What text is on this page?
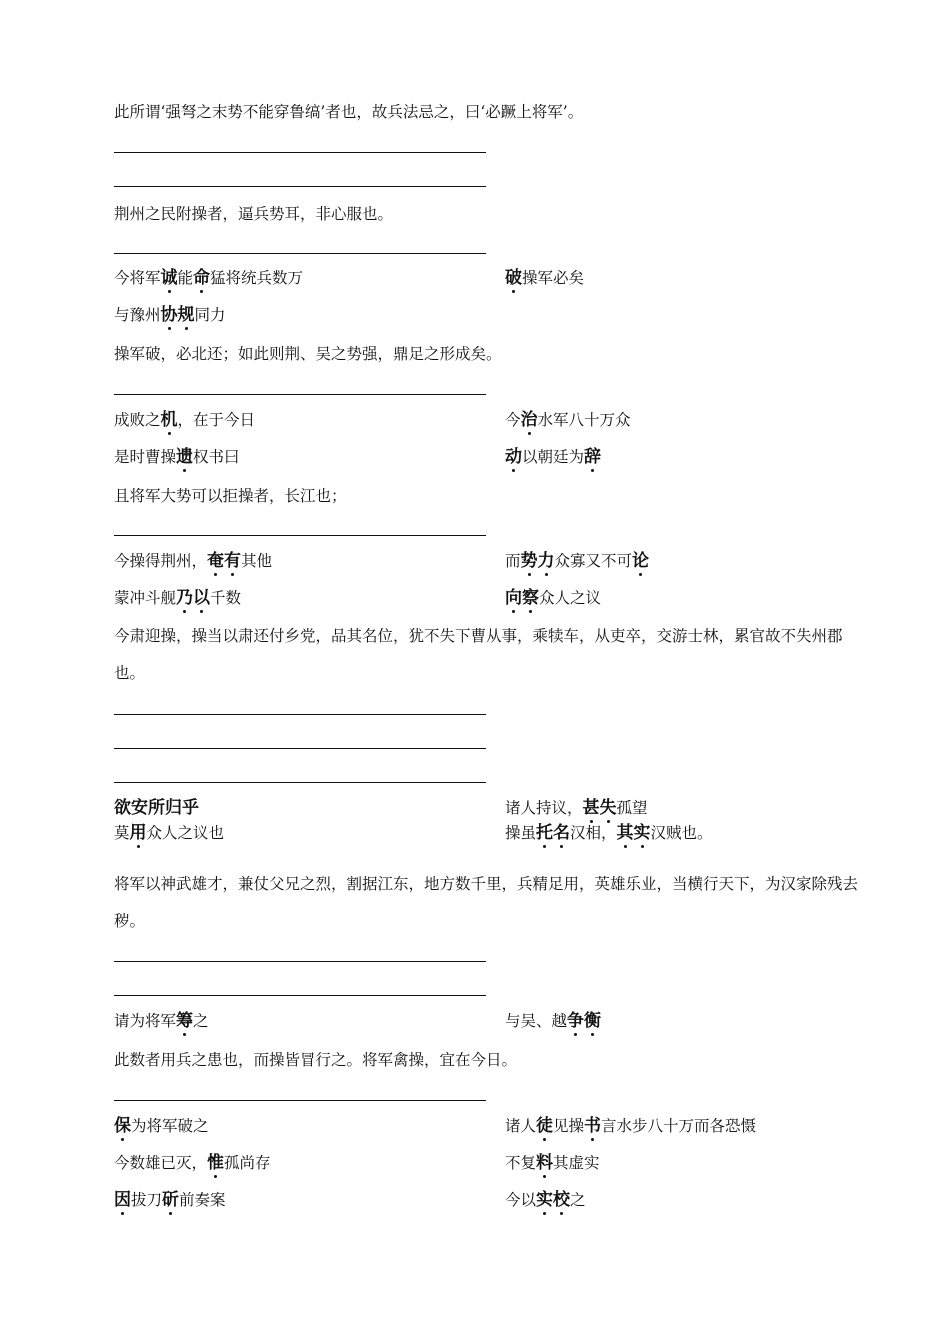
此所谓‘强弩之末势不能穿鲁缟’者也，故兵法忌之，曰‘必蹶上将军’。
荆州之民附操者，逼兵势耳，非心服也。
今将军诚能命猛将统兵数万	破操军必矣
与豫州协规同力
操军破，必北还；如此则荆、吴之势强，鼎足之形成矣。
成败之机，在于今日	今治水军八十万众
是时曹操遗权书曰	动以朝廷为辞
且将军大势可以拒操者，长江也；
今操得荆州，奄有其他	而势力众寡又不可论
蒙冲斗舰乃以千数	向察众人之议
今肃迎操，操当以肃还付乡党，品其名位，犹不失下曹从事，乘犊车，从吏卒，交游士林，累官故不失州郡也。
欲安所归乎	诸人持议，甚失孤望
莫用众人之议也	操虽托名汉相，其实汉贼也。
将军以神武雄才，兼仗父兄之烈，割据江东，地方数千里，兵精足用，英雄乐业，当横行天下，为汉家除残去秽。
请为将军筹之	与吴、越争衡
此数者用兵之患也，而操皆冒行之。将军禽操，宜在今日。
保为将军破之	诸人徒见操书言水步八十万而各恐慑
今数雄已灭，惟孤尚存	不复料其虚实
因拔刀斫前奏案	今以实校之
